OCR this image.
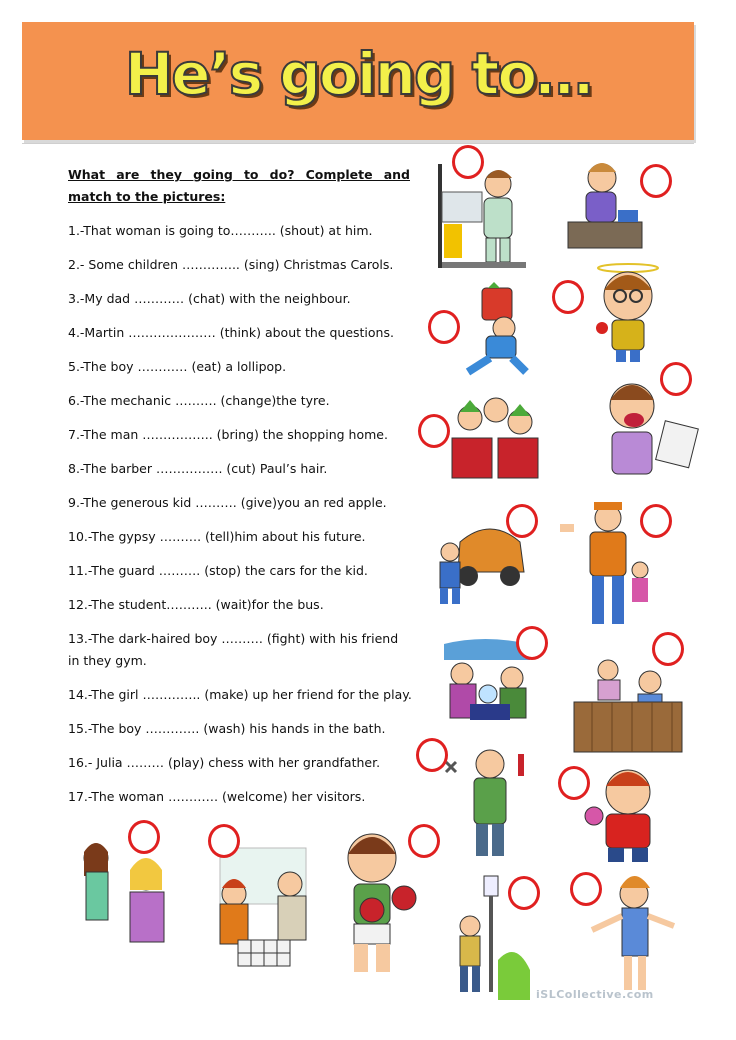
He’s going to…
What are they going to do? Complete and match to the pictures:
1.-That woman is going to……….. (shout) at him.
2.- Some children ………….. (sing) Christmas Carols.
3.-My dad ………… (chat) with the neighbour.
4.-Martin ………………… (think) about the questions.
5.-The boy ………… (eat) a lollipop.
6.-The mechanic ………. (change)the tyre.
7.-The man …………….. (bring) the shopping home.
8.-The barber ……………. (cut) Paul’s hair.
9.-The generous kid ………. (give)you an red apple.
10.-The gypsy ………. (tell)him about his future.
11.-The guard ………. (stop) the cars for the kid.
12.-The student……….. (wait)for the bus.
13.-The dark-haired boy ………. (fight) with his friend in they gym.
14.-The girl ………….. (make) up her friend for the play.
15.-The boy …………. (wash) his hands in the bath.
16.- Julia ……… (play) chess with her grandfather.
17.-The woman ………… (welcome) her visitors.
iSLCollective.com
